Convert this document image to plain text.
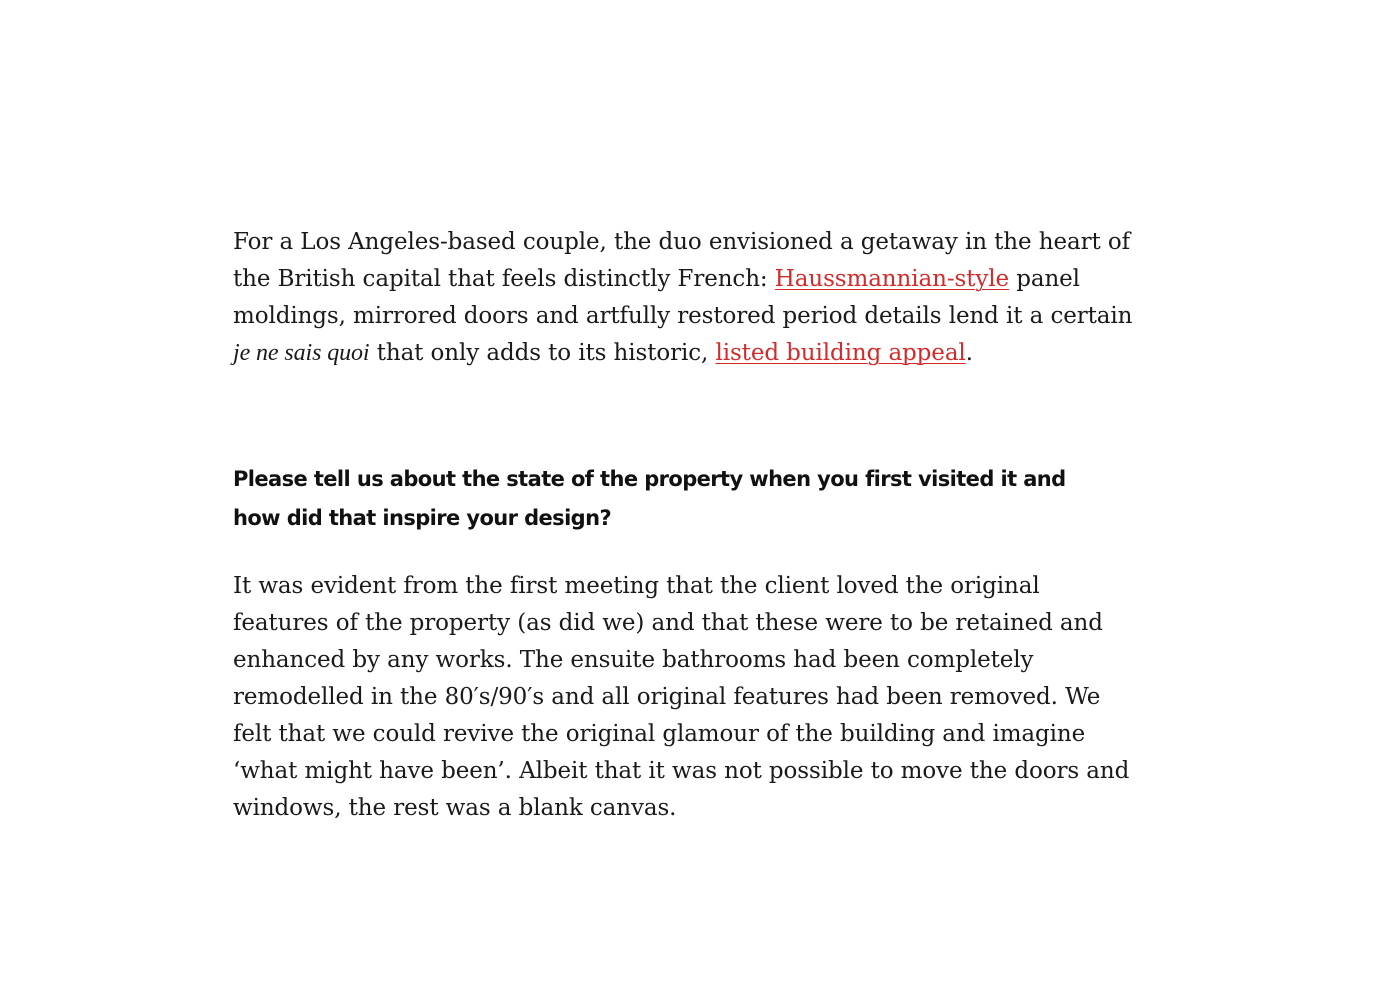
For a Los Angeles-based couple, the duo envisioned a getaway in the heart of the British capital that feels distinctly French: Haussmannian-style panel moldings, mirrored doors and artfully restored period details lend it a certain je ne sais quoi that only adds to its historic, listed building appeal.

Please tell us about the state of the property when you first visited it and how did that inspire your design?

It was evident from the first meeting that the client loved the original features of the property (as did we) and that these were to be retained and enhanced by any works. The ensuite bathrooms had been completely remodelled in the 80′s/90′s and all original features had been removed. We felt that we could revive the original glamour of the building and imagine ‘what might have been’. Albeit that it was not possible to move the doors and windows, the rest was a blank canvas.
